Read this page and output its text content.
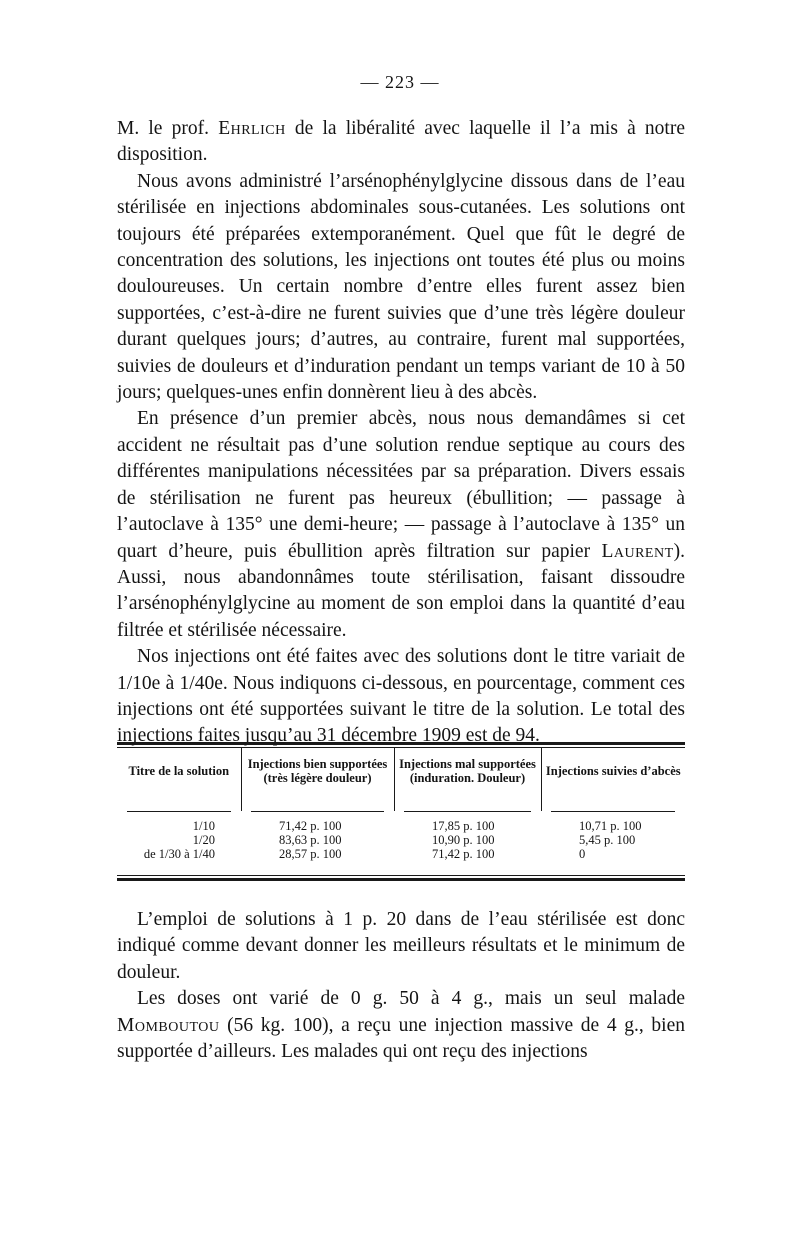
— 223 —

M. le prof. Ehrlich de la libéralité avec laquelle il l’a mis à notre disposition.

Nous avons administré l’arsénophénylglycine dissous dans de l’eau stérilisée en injections abdominales sous-cutanées. Les solutions ont toujours été préparées extemporanément. Quel que fût le degré de concentration des solutions, les injections ont toutes été plus ou moins douloureuses. Un certain nombre d’entre elles furent assez bien supportées, c’est-à-dire ne furent suivies que d’une très légère douleur durant quelques jours; d’autres, au contraire, furent mal supportées, suivies de douleurs et d’induration pendant un temps variant de 10 à 50 jours; quelques-unes enfin donnèrent lieu à des abcès.

En présence d’un premier abcès, nous nous demandâmes si cet accident ne résultait pas d’une solution rendue septique au cours des différentes manipulations nécessitées par sa préparation. Divers essais de stérilisation ne furent pas heureux (ébullition; — passage à l’autoclave à 135° une demi-heure; — passage à l’autoclave à 135° un quart d’heure, puis ébullition après filtration sur papier Laurent). Aussi, nous abandonnâmes toute stérilisation, faisant dissoudre l’arsénophénylglycine au moment de son emploi dans la quantité d’eau filtrée et stérilisée nécessaire.

Nos injections ont été faites avec des solutions dont le titre variait de 1/10e à 1/40e. Nous indiquons ci-dessous, en pourcentage, comment ces injections ont été supportées suivant le titre de la solution. Le total des injections faites jusqu’au 31 décembre 1909 est de 94.

Titre de la solution	Injections bien supportées (très légère douleur)	Injections mal supportées (induration. Douleur)	Injections suivies d’abcès

1/10	71,42 p. 100	17,85 p. 100	10,71 p. 100
1/20	83,63 p. 100	10,90 p. 100	5,45 p. 100
de 1/30 à 1/40	28,57 p. 100	71,42 p. 100	0

L’emploi de solutions à 1 p. 20 dans de l’eau stérilisée est donc indiqué comme devant donner les meilleurs résultats et le minimum de douleur.

Les doses ont varié de 0 g. 50 à 4 g., mais un seul malade Momboutou (56 kg. 100), a reçu une injection massive de 4 g., bien supportée d’ailleurs. Les malades qui ont reçu des injections
